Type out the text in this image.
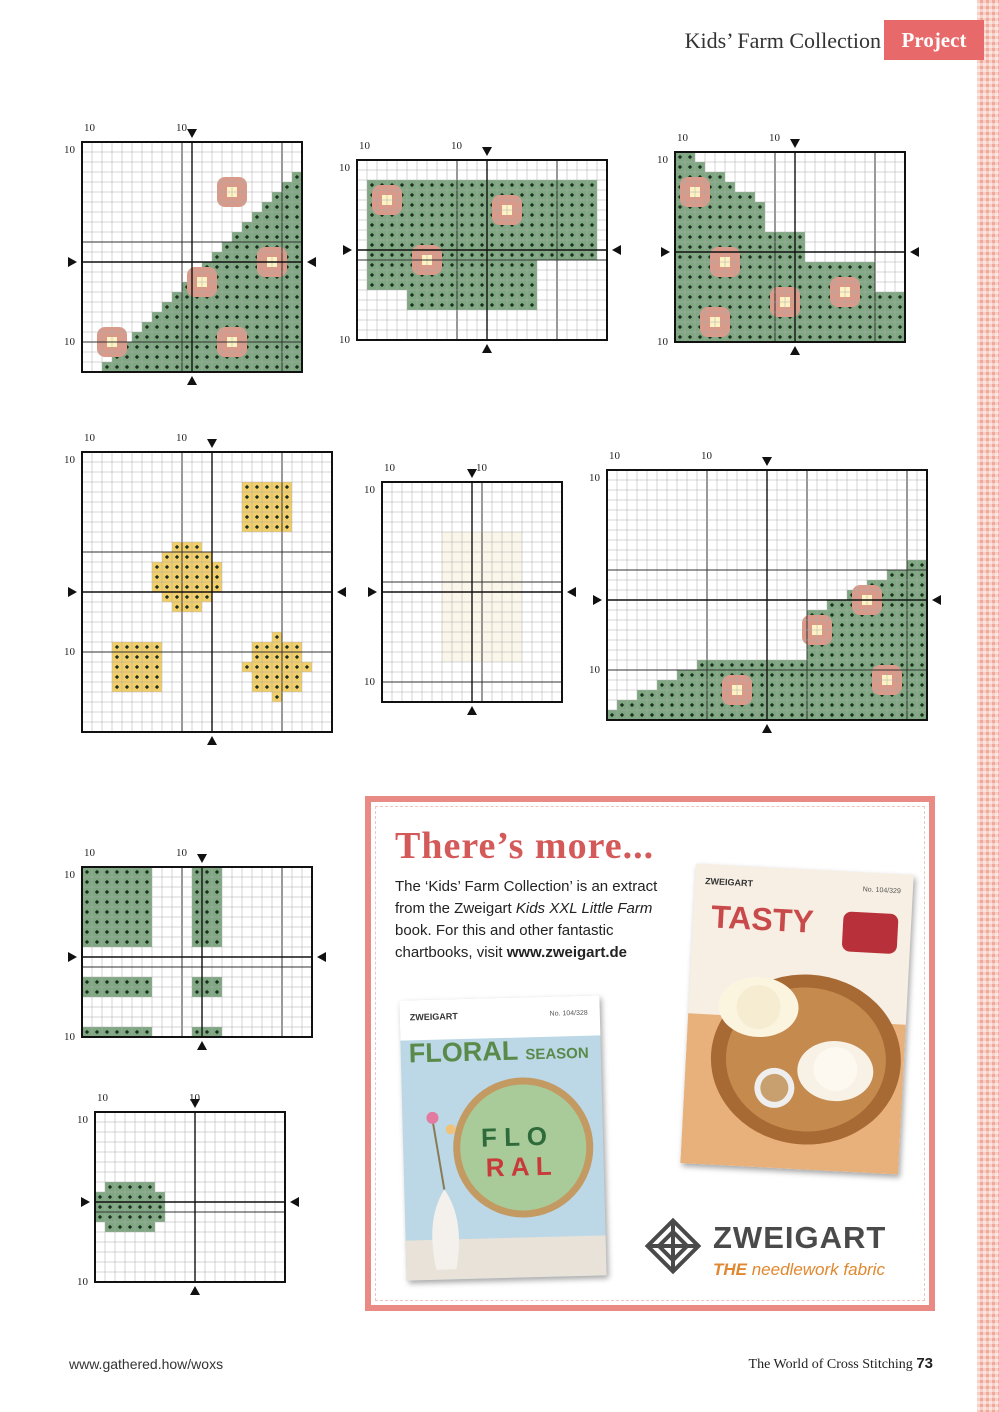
Kids’ Farm Collection Project
10	10
10
10
10	10
10
10
10	10
10
10
10	10
10
10
10	10
10
10
10	10
10
10
10	10
10
10
10	10
10
10
There’s more...
The ‘Kids’ Farm Collection’ is an extract from the Zweigart Kids XXL Little Farm book. For this and other fantastic chartbooks, visit www.zweigart.de
ZWEIGART
No. 104/329
TASTY
ZWEIGART	No. 104/328
FLORAL SEASON
F L O
R A L
ZWEIGART
THE needlework fabric
www.gathered.how/woxs	The World of Cross Stitching 73
